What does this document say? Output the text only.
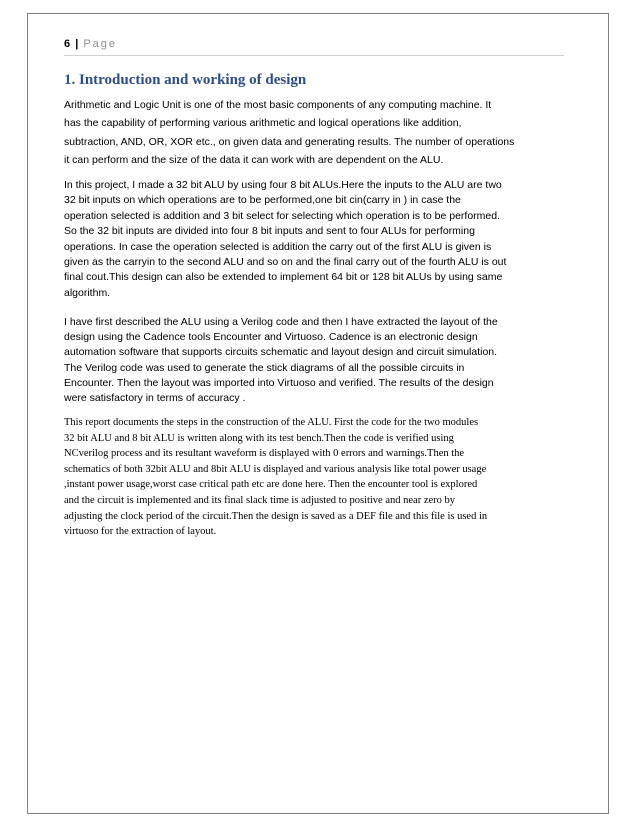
6 | Page
1. Introduction and working of design
Arithmetic and Logic Unit is one of the most basic components of any computing machine. It
has the capability of performing various arithmetic and logical operations like addition,
subtraction, AND, OR, XOR etc., on given data and generating results. The number of operations
it can perform and the size of the data it can work with are dependent on the ALU.
In this project, I made a 32 bit ALU by using four 8 bit ALUs.Here the inputs to the ALU are two
32 bit inputs on which operations are to be performed,one bit cin(carry in ) in case the
operation selected is addition and 3 bit select for selecting which operation is to be performed.
So the 32 bit inputs are divided into four 8 bit inputs and sent to four ALUs for performing
operations. In case the operation selected is addition the carry out of the first ALU is given is
given as the carryin to the second ALU and so on and the final carry out of the fourth ALU is out
final cout.This design can also be extended to implement 64 bit or 128 bit ALUs by using same
algorithm.
I have first described the ALU using a Verilog code and then I have extracted the layout of the
design using the Cadence tools Encounter and Virtuoso. Cadence is an electronic design
automation software that supports circuits schematic and layout design and circuit simulation.
The Verilog code was used to generate the stick diagrams of all the possible circuits in
Encounter. Then the layout was imported into Virtuoso and verified. The results of the design
were satisfactory in terms of accuracy .
This report documents the steps in the construction of the ALU. First the code for the two modules
32 bit ALU and 8 bit ALU is written along with its test bench.Then the code is verified using
NCverilog process and its resultant waveform is displayed with 0 errors and warnings.Then the
schematics of both 32bit ALU and 8bit ALU is displayed and various analysis like total power usage
,instant power usage,worst case critical path etc are done here. Then the encounter tool is explored
and the circuit is implemented and its final slack time is adjusted to positive and near zero by
adjusting the clock period of the circuit.Then the design is saved as a DEF file and this file is used in
virtuoso for the extraction of layout.
